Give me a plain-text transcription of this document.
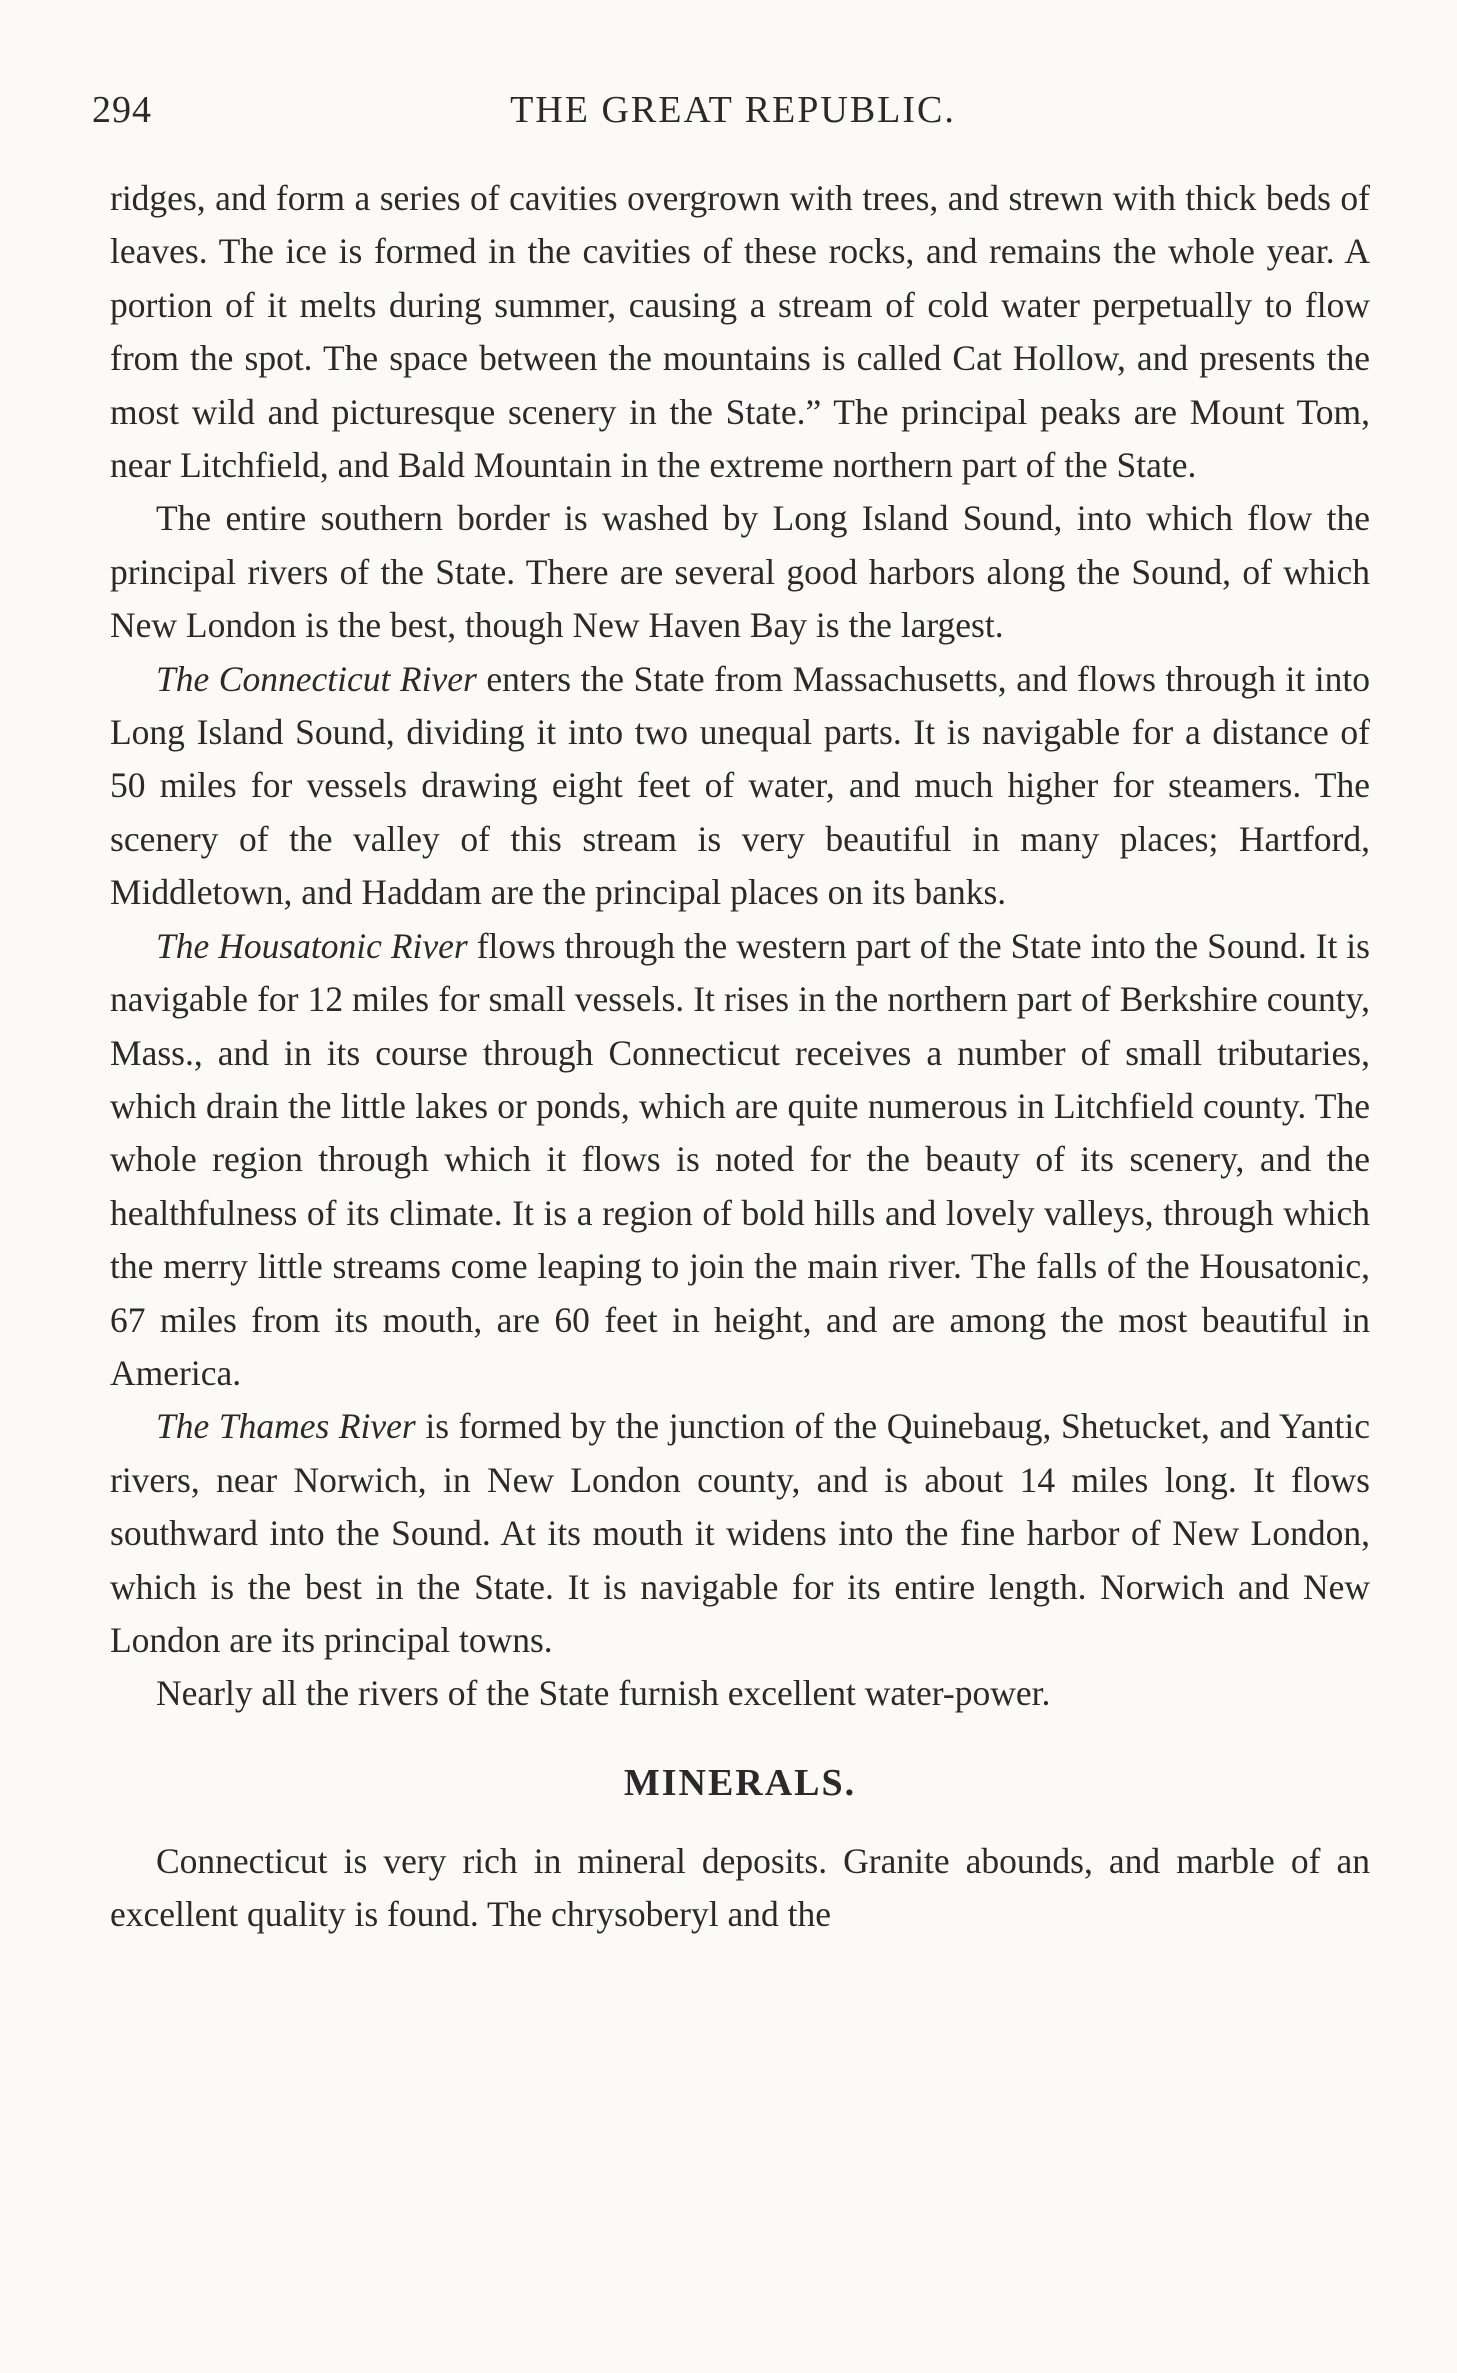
294	THE GREAT REPUBLIC.

ridges, and form a series of cavities overgrown with trees, and strewn with thick beds of leaves. The ice is formed in the cavities of these rocks, and remains the whole year. A portion of it melts during summer, causing a stream of cold water perpetually to flow from the spot. The space between the mountains is called Cat Hollow, and presents the most wild and picturesque scenery in the State.” The principal peaks are Mount Tom, near Litchfield, and Bald Mountain in the extreme northern part of the State.

The entire southern border is washed by Long Island Sound, into which flow the principal rivers of the State. There are several good harbors along the Sound, of which New London is the best, though New Haven Bay is the largest.

The Connecticut River enters the State from Massachusetts, and flows through it into Long Island Sound, dividing it into two unequal parts. It is navigable for a distance of 50 miles for vessels drawing eight feet of water, and much higher for steamers. The scenery of the valley of this stream is very beautiful in many places; Hartford, Middletown, and Haddam are the principal places on its banks.

The Housatonic River flows through the western part of the State into the Sound. It is navigable for 12 miles for small vessels. It rises in the northern part of Berkshire county, Mass., and in its course through Connecticut receives a number of small tributaries, which drain the little lakes or ponds, which are quite numerous in Litchfield county. The whole region through which it flows is noted for the beauty of its scenery, and the healthfulness of its climate. It is a region of bold hills and lovely valleys, through which the merry little streams come leaping to join the main river. The falls of the Housatonic, 67 miles from its mouth, are 60 feet in height, and are among the most beautiful in America.

The Thames River is formed by the junction of the Quinebaug, Shetucket, and Yantic rivers, near Norwich, in New London county, and is about 14 miles long. It flows southward into the Sound. At its mouth it widens into the fine harbor of New London, which is the best in the State. It is navigable for its entire length. Norwich and New London are its principal towns.

Nearly all the rivers of the State furnish excellent water-power.

MINERALS.

Connecticut is very rich in mineral deposits. Granite abounds, and marble of an excellent quality is found. The chrysoberyl and the
